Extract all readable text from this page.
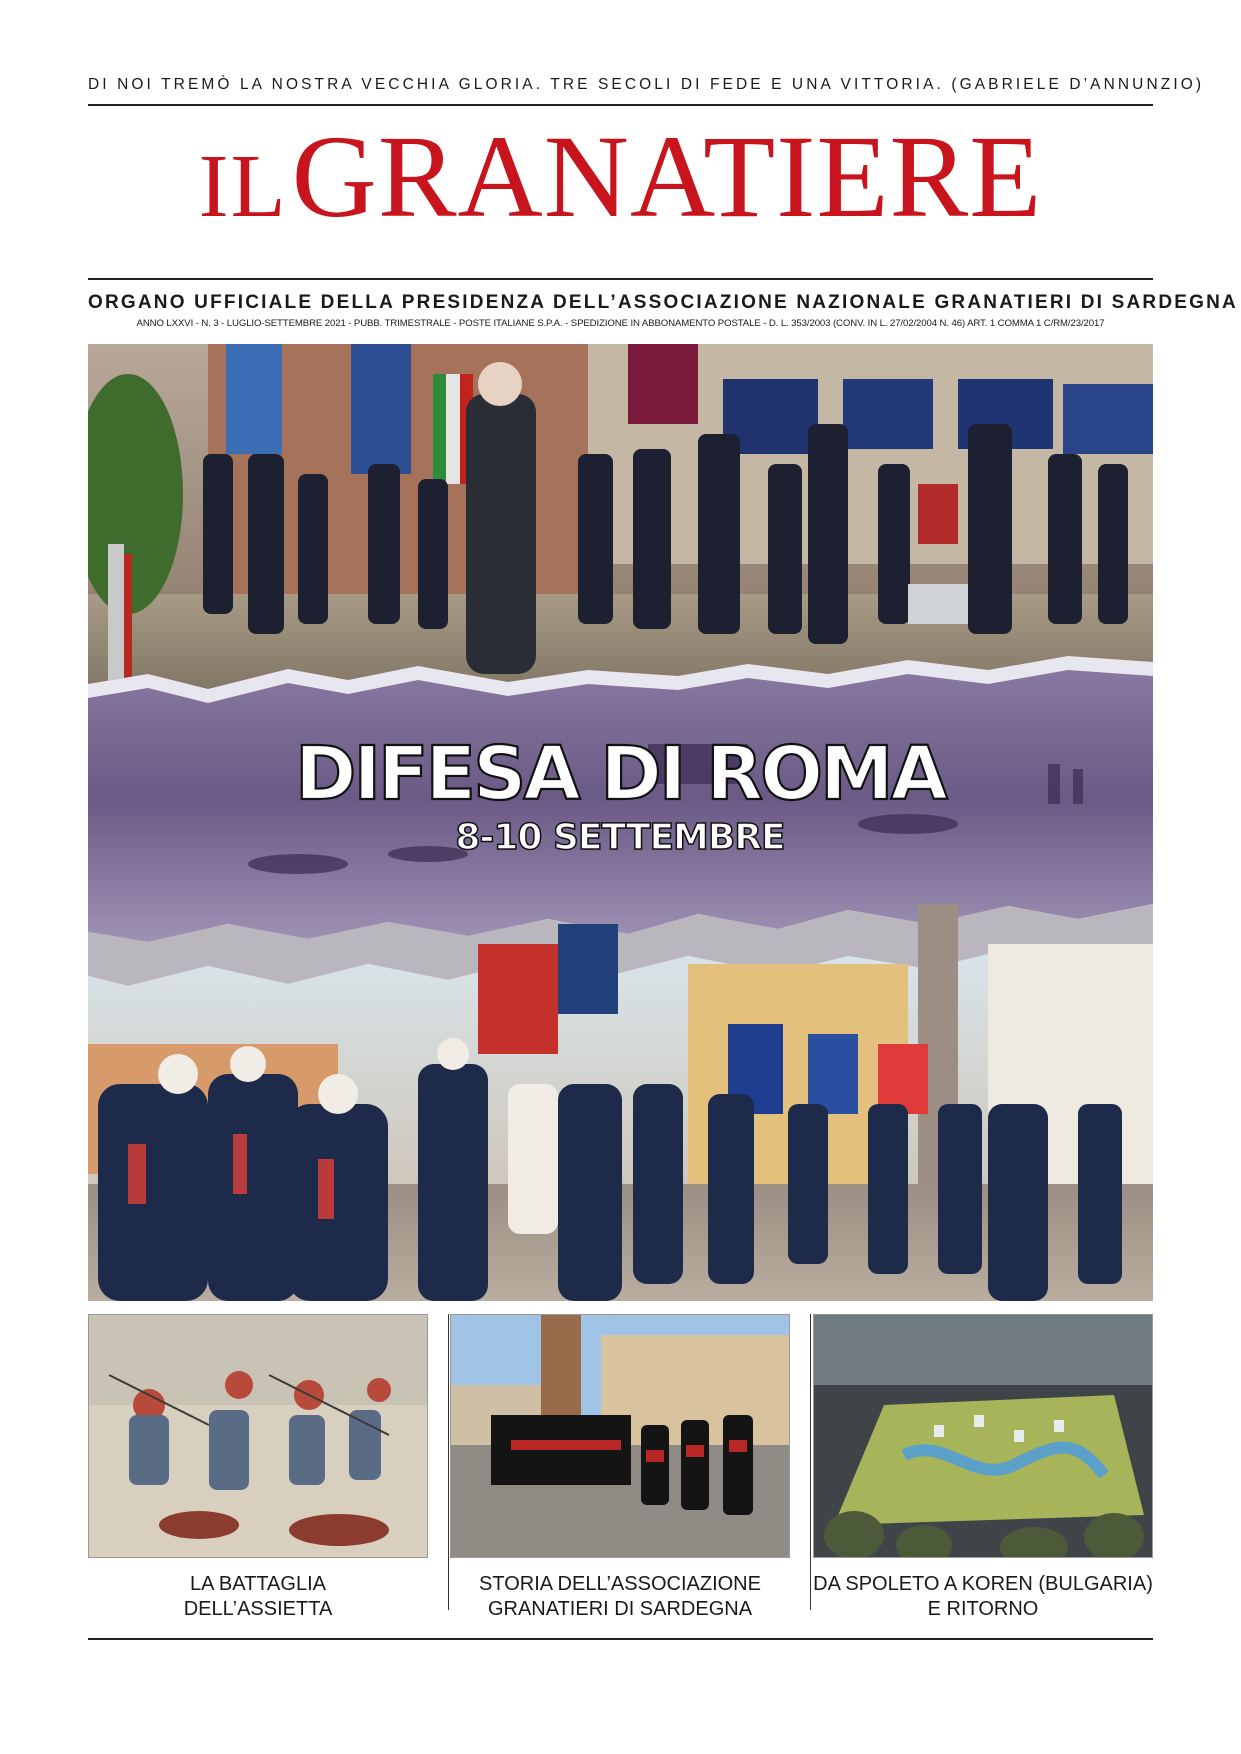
DI NOI TREMÒ LA NOSTRA VECCHIA GLORIA. TRE SECOLI DI FEDE E UNA VITTORIA. (GABRIELE D’ANNUNZIO)
IL GRANATIERE
ORGANO UFFICIALE DELLA PRESIDENZA DELL’ASSOCIAZIONE NAZIONALE GRANATIERI DI SARDEGNA
ANNO LXXVI - N. 3 - LUGLIO-SETTEMBRE 2021 - PUBB. TRIMESTRALE - POSTE ITALIANE S.P.A. - SPEDIZIONE IN ABBONAMENTO POSTALE - D. L. 353/2003 (CONV. IN L. 27/02/2004 N. 46) ART. 1 COMMA 1 C/RM/23/2017
DIFESA DI ROMA
8-10 SETTEMBRE
LA BATTAGLIA
DELL’ASSIETTA
STORIA DELL’ASSOCIAZIONE
GRANATIERI DI SARDEGNA
DA SPOLETO A KOREN (BULGARIA)
E RITORNO
